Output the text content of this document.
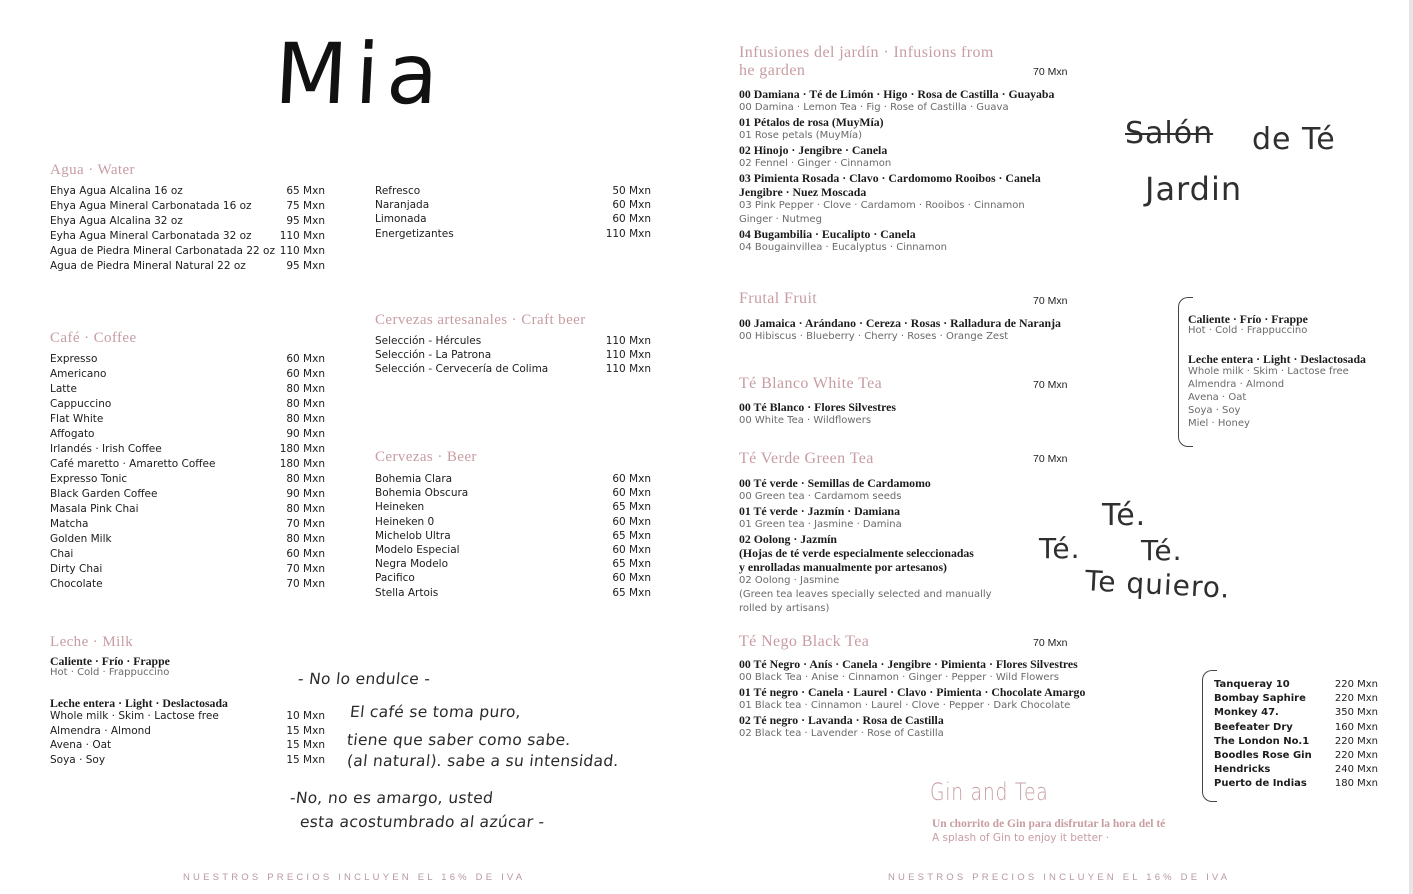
Mia
Agua · Water
Ehya Agua Alcalina 16 oz	65 Mxn
Ehya Agua Mineral Carbonatada 16 oz	75 Mxn
Ehya Agua Alcalina 32 oz	95 Mxn
Eyha Agua Mineral Carbonatada 32 oz	110 Mxn
Agua de Piedra Mineral Carbonatada 22 oz 110 Mxn
Agua de Piedra Mineral Natural 22 oz	95 Mxn
Refresco	50 Mxn
Naranjada	60 Mxn
Limonada	60 Mxn
Energetizantes	110 Mxn
Café · Coffee
Expresso	60 Mxn
Americano	60 Mxn
Latte	80 Mxn
Cappuccino	80 Mxn
Flat White	80 Mxn
Affogato	90 Mxn
Irlandés · Irish Coffee	180 Mxn
Café maretto · Amaretto Coffee	180 Mxn
Expresso Tonic	80 Mxn
Black Garden Coffee	90 Mxn
Masala Pink Chai	80 Mxn
Matcha	70 Mxn
Golden Milk	80 Mxn
Chai	60 Mxn
Dirty Chai	70 Mxn
Chocolate	70 Mxn
Cervezas artesanales · Craft beer
Selección - Hércules	110 Mxn
Selección - La Patrona	110 Mxn
Selección - Cervecería de Colima	110 Mxn
Cervezas · Beer
Bohemia Clara	60 Mxn
Bohemia Obscura	60 Mxn
Heineken	65 Mxn
Heineken 0	60 Mxn
Michelob Ultra	65 Mxn
Modelo Especial	60 Mxn
Negra Modelo	65 Mxn
Pacifico	60 Mxn
Stella Artois	65 Mxn
Leche · Milk
Caliente · Frío · Frappe
Hot · Cold · Frappuccino
Leche entera · Light · Deslactosada
Whole milk · Skim · Lactose free	10 Mxn
Almendra · Almond	15 Mxn
Avena · Oat	15 Mxn
Soya · Soy	15 Mxn
- No lo endulce -
El café se toma puro,
tiene que saber como sabe.
(al natural). sabe a su intensidad.
-No, no es amargo, usted
esta acostumbrado al azúcar -
NUESTROS PRECIOS INCLUYEN EL 16% DE IVA
Infusiones del jardín · Infusions from
he garden	70 Mxn
00 Damiana · Té de Limón · Higo · Rosa de Castilla · Guayaba
00 Damina · Lemon Tea · Fig · Rose of Castilla · Guava
01 Pétalos de rosa (MuyMía)
01 Rose petals (MuyMía)
02 Hinojo · Jengibre · Canela
02 Fennel · Ginger · Cinnamon
03 Pimienta Rosada · Clavo · Cardomomo Rooibos · Canela
Jengibre · Nuez Moscada
03 Pink Pepper · Clove · Cardamom · Rooibos · Cinnamon
Ginger · Nutmeg
04 Bugambilia · Eucalipto · Canela
04 Bougainvillea · Eucalyptus · Cinnamon
Frutal Fruit	70 Mxn
00 Jamaica · Arándano · Cereza · Rosas · Ralladura de Naranja
00 Hibiscus · Blueberry · Cherry · Roses · Orange Zest
Té Blanco White Tea	70 Mxn
00 Té Blanco · Flores Silvestres
00 White Tea · Wildflowers
Té Verde Green Tea	70 Mxn
00 Té verde · Semillas de Cardamomo
00 Green tea · Cardamom seeds
01 Té verde · Jazmín · Damiana
01 Green tea · Jasmine · Damina
02 Oolong · Jazmín
(Hojas de té verde especialmente seleccionadas
y enrolladas manualmente por artesanos)
02 Oolong · Jasmine
(Green tea leaves specially selected and manually
rolled by artisans)
Té Nego Black Tea	70 Mxn
00 Té Negro · Anís · Canela · Jengibre · Pimienta · Flores Silvestres
00 Black Tea · Anise · Cinnamon · Ginger · Pepper · Wild Flowers
01 Té negro · Canela · Laurel · Clavo · Pimienta · Chocolate Amargo
01 Black tea · Cinnamon · Laurel · Clove · Pepper · Dark Chocolate
02 Té negro · Lavanda · Rosa de Castilla
02 Black tea · Lavender · Rose of Castilla
Salón de Té
Jardin
Caliente · Frío · Frappe
Hot · Cold · Frappuccino
Leche entera · Light · Deslactosada
Whole milk · Skim · Lactose free
Almendra · Almond
Avena · Oat
Soya · Soy
Miel · Honey
Té.
Té.
Té.
Te quiero.
Tanqueray 10	220 Mxn
Bombay Saphire	220 Mxn
Monkey 47.	350 Mxn
Beefeater Dry	160 Mxn
The London No.1	220 Mxn
Boodles Rose Gin 220 Mxn
Hendricks	240 Mxn
Puerto de Indias	180 Mxn
Gin and Tea
Un chorrito de Gin para disfrutar la hora del té
A splash of Gin to enjoy it better ·
NUESTROS PRECIOS INCLUYEN EL 16% DE IVA
